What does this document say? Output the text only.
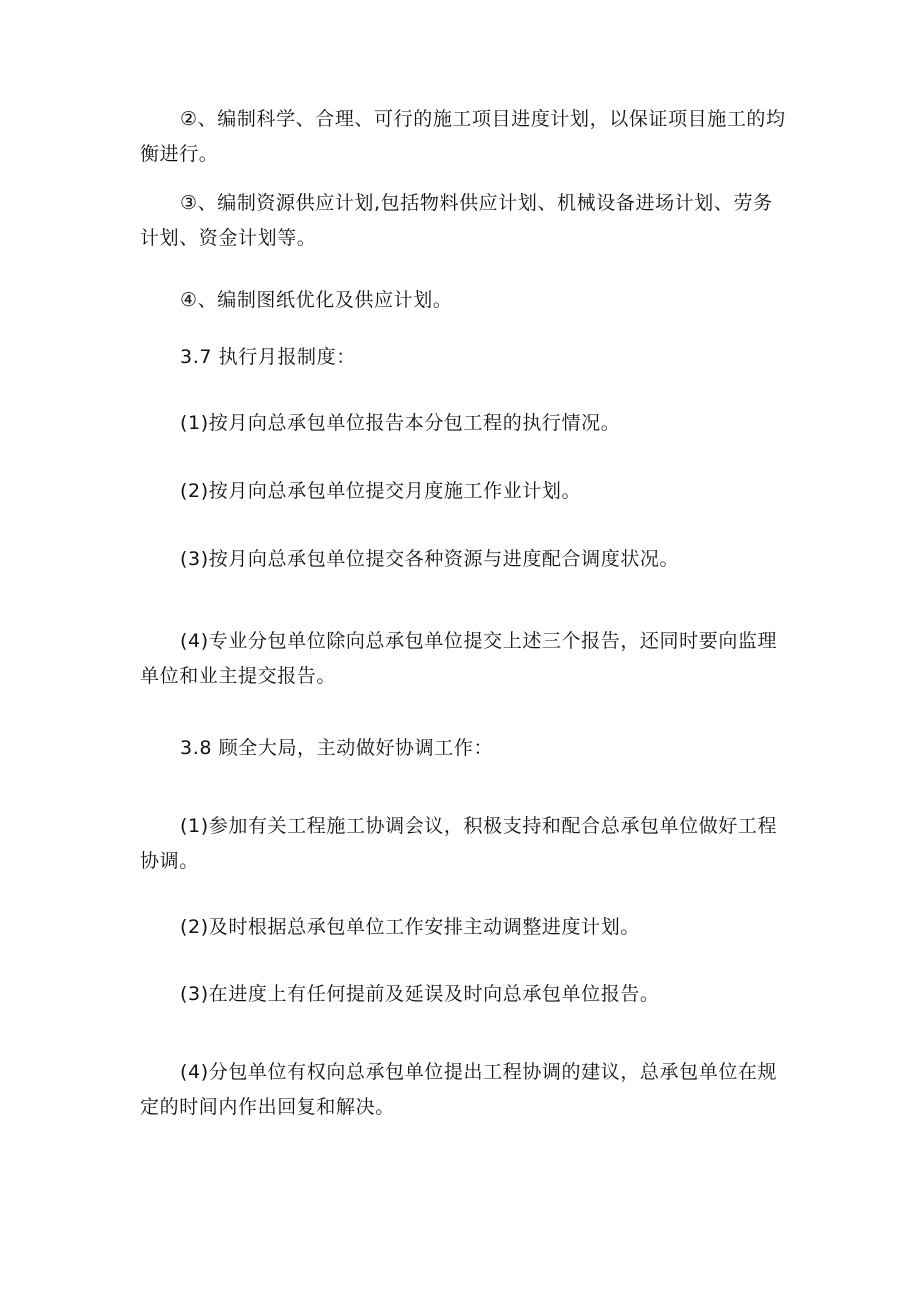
②、编制科学、合理、可行的施工项目进度计划，以保证项目施工的均衡进行。

③、编制资源供应计划,包括物料供应计划、机械设备进场计划、劳务计划、资金计划等。

④、编制图纸优化及供应计划。

3.7 执行月报制度：

(1)按月向总承包单位报告本分包工程的执行情况。

(2)按月向总承包单位提交月度施工作业计划。

(3)按月向总承包单位提交各种资源与进度配合调度状况。

(4)专业分包单位除向总承包单位提交上述三个报告，还同时要向监理单位和业主提交报告。

3.8 顾全大局，主动做好协调工作：

(1)参加有关工程施工协调会议，积极支持和配合总承包单位做好工程协调。

(2)及时根据总承包单位工作安排主动调整进度计划。

(3)在进度上有任何提前及延误及时向总承包单位报告。

(4)分包单位有权向总承包单位提出工程协调的建议，总承包单位在规定的时间内作出回复和解决。
